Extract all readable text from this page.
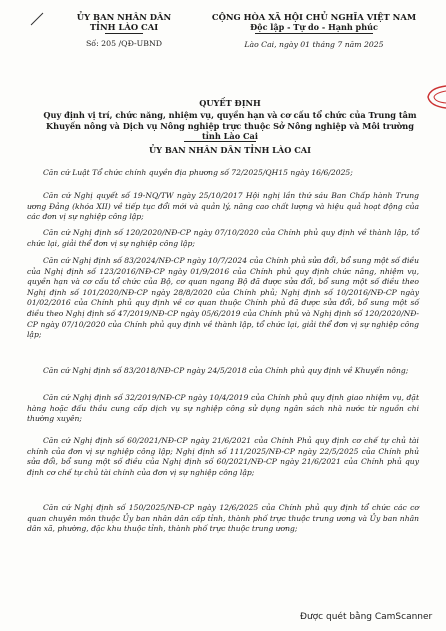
ỦY BAN NHÂN DÂN
TỈNH LÀO CAI
Số: 205 /QĐ-UBND
CỘNG HÒA XÃ HỘI CHỦ NGHĨA VIỆT NAM
Độc lập - Tự do - Hạnh phúc
Lào Cai, ngày 01 tháng 7 năm 2025
QUYẾT ĐỊNH
Quy định vị trí, chức năng, nhiệm vụ, quyền hạn và cơ cấu tổ chức của Trung tâm Khuyến nông và Dịch vụ Nông nghiệp trực thuộc Sở Nông nghiệp và Môi trường tỉnh Lào Cai
ỦY BAN NHÂN DÂN TỈNH LÀO CAI
Căn cứ Luật Tổ chức chính quyền địa phương số 72/2025/QH15 ngày 16/6/2025;
Căn cứ Nghị quyết số 19-NQ/TW ngày 25/10/2017 Hội nghị lần thứ sáu Ban Chấp hành Trung ương Đảng (khóa XII) về tiếp tục đổi mới và quản lý, nâng cao chất lượng và hiệu quả hoạt động của các đơn vị sự nghiệp công lập;
Căn cứ Nghị định số 120/2020/NĐ-CP ngày 07/10/2020 của Chính phủ quy định về thành lập, tổ chức lại, giải thể đơn vị sự nghiệp công lập;
Căn cứ Nghị định số 83/2024/NĐ-CP ngày 10/7/2024 của Chính phủ sửa đổi, bổ sung một số điều của Nghị định số 123/2016/NĐ-CP ngày 01/9/2016 của Chính phủ quy định chức năng, nhiệm vụ, quyền hạn và cơ cấu tổ chức của Bộ, cơ quan ngang Bộ đã được sửa đổi, bổ sung một số điều theo Nghị định số 101/2020/NĐ-CP ngày 28/8/2020 của Chính phủ; Nghị định số 10/2016/NĐ-CP ngày 01/02/2016 của Chính phủ quy định về cơ quan thuộc Chính phủ đã được sửa đổi, bổ sung một số điều theo Nghị định số 47/2019/NĐ-CP ngày 05/6/2019 của Chính phủ và Nghị định số 120/2020/NĐ-CP ngày 07/10/2020 của Chính phủ quy định về thành lập, tổ chức lại, giải thể đơn vị sự nghiệp công lập;
Căn cứ Nghị định số 83/2018/NĐ-CP ngày 24/5/2018 của Chính phủ quy định về Khuyến nông;
Căn cứ Nghị định số 32/2019/NĐ-CP ngày 10/4/2019 của Chính phủ quy định giao nhiệm vụ, đặt hàng hoặc đấu thầu cung cấp dịch vụ sự nghiệp công sử dụng ngân sách nhà nước từ nguồn chi thường xuyên;
Căn cứ Nghị định số 60/2021/NĐ-CP ngày 21/6/2021 của Chính Phủ quy định cơ chế tự chủ tài chính của đơn vị sự nghiệp công lập; Nghị định số 111/2025/NĐ-CP ngày 22/5/2025 của Chính phủ sửa đổi, bổ sung một số điều của Nghị định số 60/2021/NĐ-CP ngày 21/6/2021 của Chính phủ quy định cơ chế tự chủ tài chính của đơn vị sự nghiệp công lập;
Căn cứ Nghị định số 150/2025/NĐ-CP ngày 12/6/2025 của Chính phủ quy định tổ chức các cơ quan chuyên môn thuộc Ủy ban nhân dân cấp tỉnh, thành phố trực thuộc trung ương và Ủy ban nhân dân xã, phường, đặc khu thuộc tỉnh, thành phố trực thuộc trung ương;
Được quét bằng CamScanner
